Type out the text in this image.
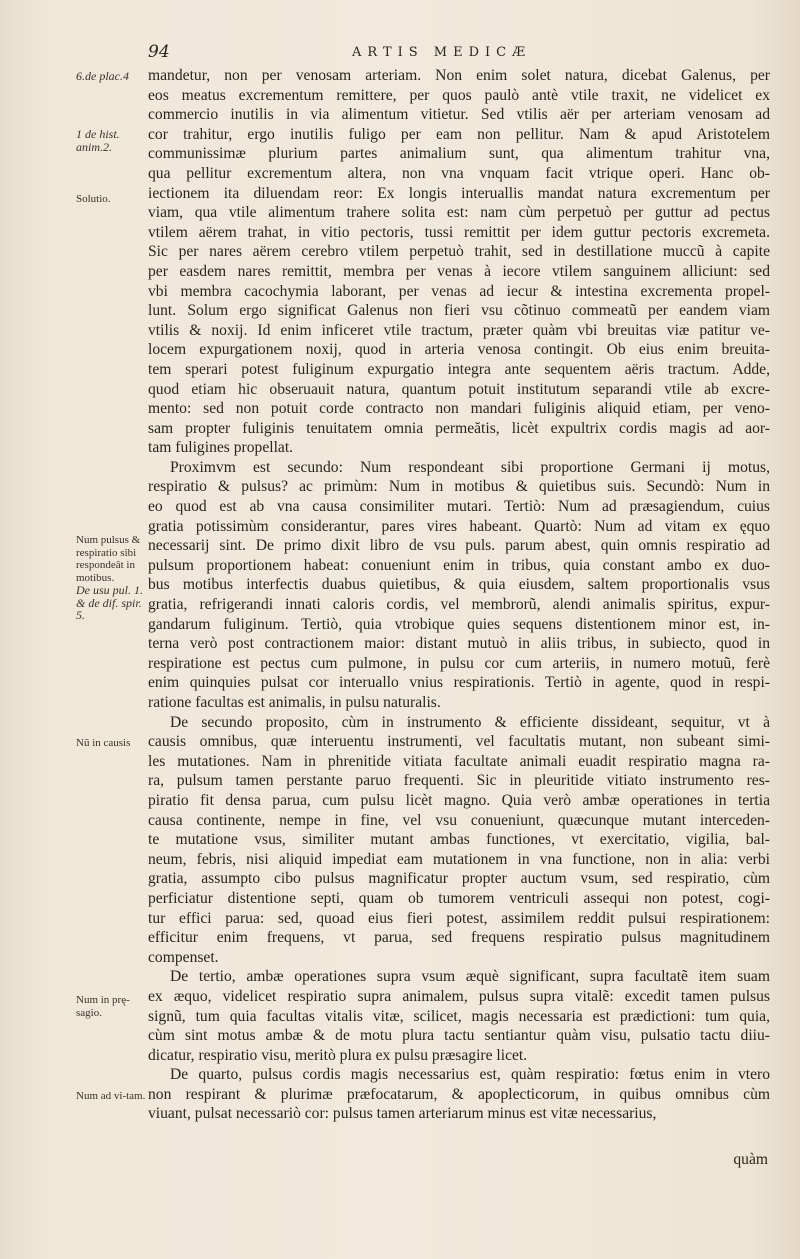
94	ARTIS MEDICÆ
6.de plac.4
1 de hist. anim.2.
Solutio.
Num pulsus & respiratio sibi respondeăt in motibus.
De usu pul. 1. & de dif. spir. 5.
Nũ in causis
Num in prę-sagio.
Num ad vi-tam.
mandetur, non per venosam arteriam. Non enim solet natura, dicebat Galenus, per
eos meatus excrementum remittere, per quos paulò antè vtile traxit, ne videlicet ex
commercio inutilis in via alimentum vitietur. Sed vtilis aër per arteriam venosam ad
cor trahitur, ergo inutilis fuligo per eam non pellitur. Nam & apud Aristotelem
communissimæ plurium partes animalium sunt, qua alimentum trahitur vna,
qua pellitur excrementum altera, non vna vnquam facit vtrique operi. Hanc ob-
iectionem ita diluendam reor: Ex longis interuallis mandat natura excrementum per
viam, qua vtile alimentum trahere solita est: nam cùm perpetuò per guttur ad pectus
vtilem aërem trahat, in vitio pectoris, tussi remittit per idem guttur pectoris excremeta.
Sic per nares aërem cerebro vtilem perpetuò trahit, sed in destillatione muccũ à capite
per easdem nares remittit, membra per venas à iecore vtilem sanguinem alliciunt: sed
vbi membra cacochymia laborant, per venas ad iecur & intestina excrementa propel-
lunt. Solum ergo significat Galenus non fieri vsu cõtinuo commeatũ per eandem viam
vtilis & noxij. Id enim inficeret vtile tractum, præter quàm vbi breuitas viæ patitur ve-
locem expurgationem noxij, quod in arteria venosa contingit. Ob eius enim breuita-
tem sperari potest fuliginum expurgatio integra ante sequentem aëris tractum. Adde,
quod etiam hic obseruauit natura, quantum potuit institutum separandi vtile ab excre-
mento: sed non potuit corde contracto non mandari fuliginis aliquid etiam, per veno-
sam propter fuliginis tenuitatem omnia permeătis, licèt expultrix cordis magis ad aor-
tam fuligines propellat.
Proximvm est secundo: Num respondeant sibi proportione Germani ij motus,
respiratio & pulsus? ac primùm: Num in motibus & quietibus suis. Secundò: Num in
eo quod est ab vna causa consimiliter mutari. Tertiò: Num ad præsagiendum, cuius
gratia potissimùm considerantur, pares vires habeant. Quartò: Num ad vitam ex ęquo
necessarij sint. De primo dixit libro de vsu puls. parum abest, quin omnis respiratio ad
pulsum proportionem habeat: conueniunt enim in tribus, quia constant ambo ex duo-
bus motibus interfectis duabus quietibus, & quia eiusdem, saltem proportionalis vsus
gratia, refrigerandi innati caloris cordis, vel membrorũ, alendi animalis spiritus, expur-
gandarum fuliginum. Tertiò, quia vtrobique quies sequens distentionem minor est, in-
terna verò post contractionem maior: distant mutuò in aliis tribus, in subiecto, quod in
respiratione est pectus cum pulmone, in pulsu cor cum arteriis, in numero motuũ, ferè
enim quinquies pulsat cor interuallo vnius respirationis. Tertiò in agente, quod in respi-
ratione facultas est animalis, in pulsu naturalis.
De secundo proposito, cùm in instrumento & efficiente dissideant, sequitur, vt à
causis omnibus, quæ interuentu instrumenti, vel facultatis mutant, non subeant simi-
les mutationes. Nam in phrenitide vitiata facultate animali euadit respiratio magna ra-
ra, pulsum tamen perstante paruo frequenti. Sic in pleuritide vitiato instrumento res-
piratio fit densa parua, cum pulsu licèt magno. Quia verò ambæ operationes in tertia
causa continente, nempe in fine, vel vsu conueniunt, quæcunque mutant interceden-
te mutatione vsus, similiter mutant ambas functiones, vt exercitatio, vigilia, bal-
neum, febris, nisi aliquid impediat eam mutationem in vna functione, non in alia: verbi
gratia, assumpto cibo pulsus magnificatur propter auctum vsum, sed respiratio, cùm
perficiatur distentione septi, quam ob tumorem ventriculi assequi non potest, cogi-
tur effici parua: sed, quoad eius fieri potest, assimilem reddit pulsui respirationem:
efficitur enim frequens, vt parua, sed frequens respiratio pulsus magnitudinem
compenset.
De tertio, ambæ operationes supra vsum æquè significant, supra facultatẽ item suam
ex æquo, videlicet respiratio supra animalem, pulsus supra vitalẽ: excedit tamen pulsus
signũ, tum quia facultas vitalis vitæ, scilicet, magis necessaria est prædictioni: tum quia,
cùm sint motus ambæ & de motu plura tactu sentiantur quàm visu, pulsatio tactu diiu-
dicatur, respiratio visu, meritò plura ex pulsu præsagire licet.
De quarto, pulsus cordis magis necessarius est, quàm respiratio: fœtus enim in vtero
non respirant & plurimæ præfocatarum, & apoplecticorum, in quibus omnibus cùm
viuant, pulsat necessariò cor: pulsus tamen arteriarum minus est vitæ necessarius,
quàm
